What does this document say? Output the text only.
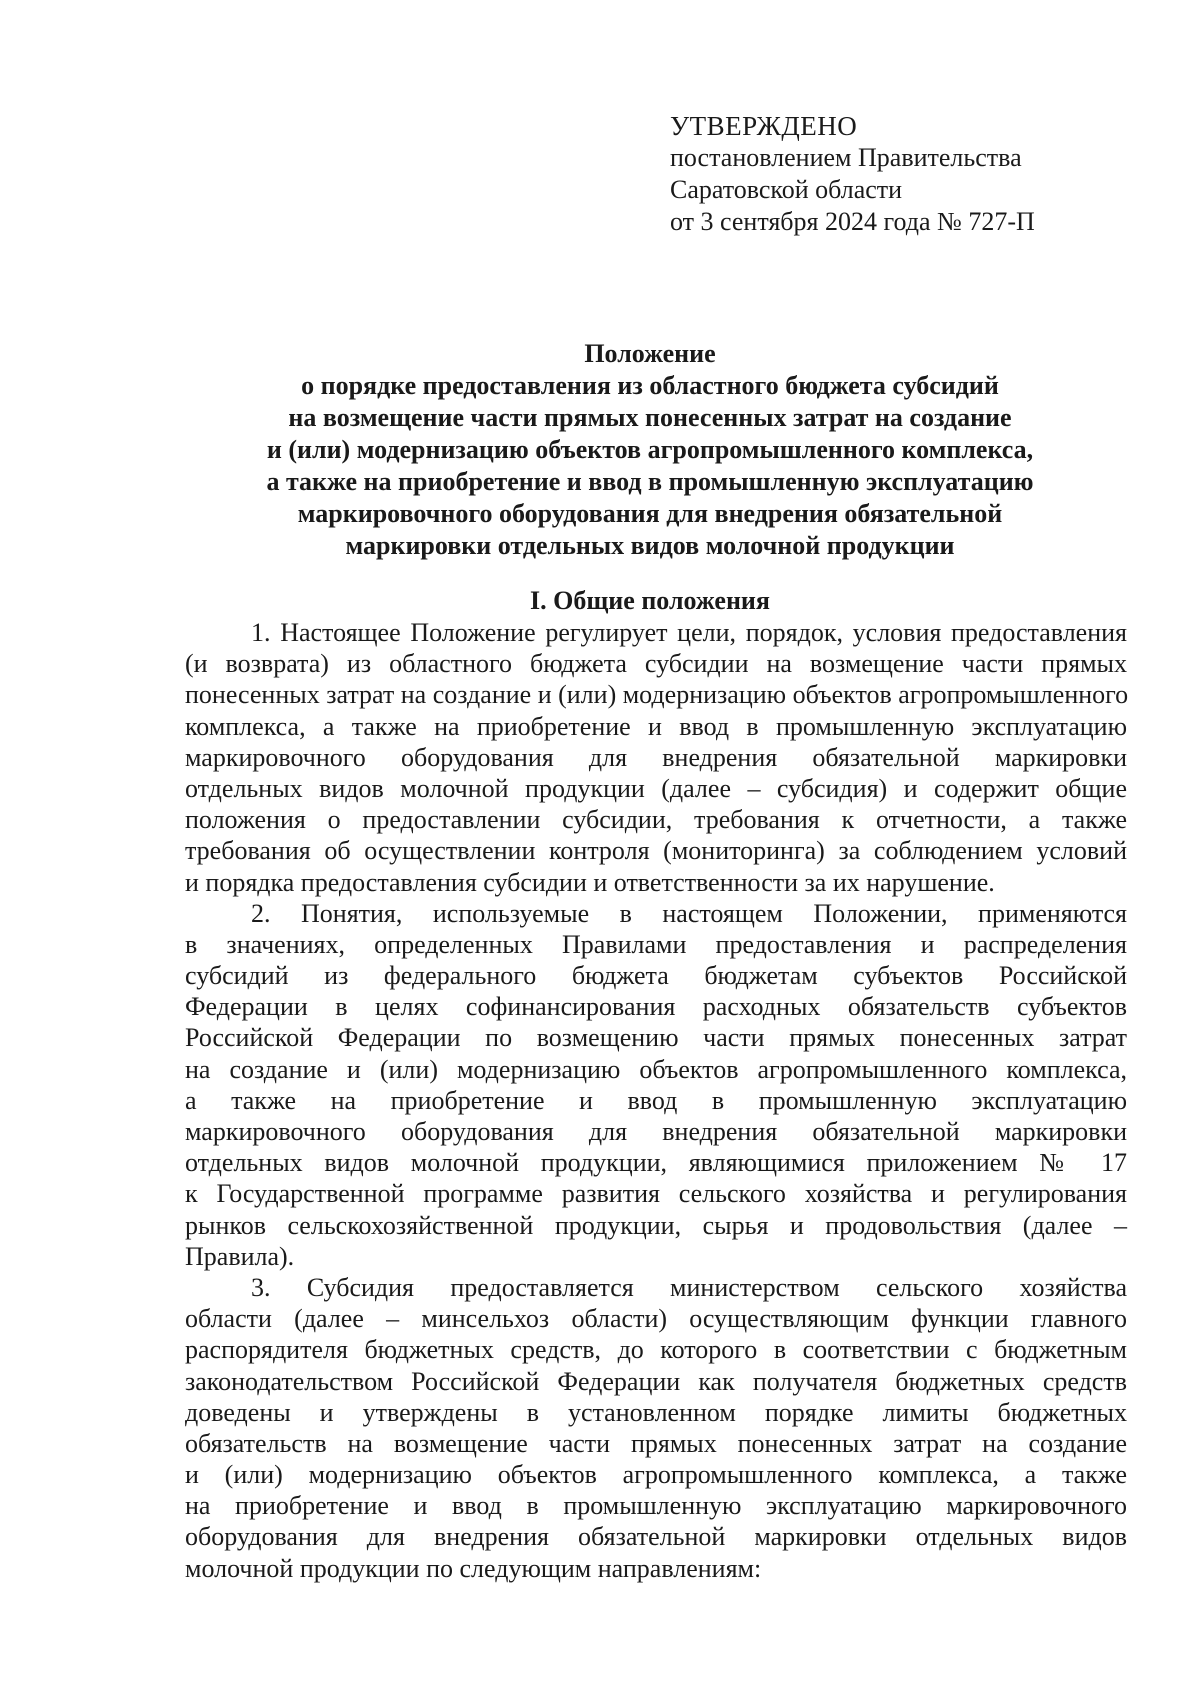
УТВЕРЖДЕНО
постановлением Правительства
Саратовской области
от 3 сентября 2024 года № 727-П
Положение
о порядке предоставления из областного бюджета субсидий
на возмещение части прямых понесенных затрат на создание
и (или) модернизацию объектов агропромышленного комплекса,
а также на приобретение и ввод в промышленную эксплуатацию
маркировочного оборудования для внедрения обязательной
маркировки отдельных видов молочной продукции
I. Общие положения
1. Настоящее Положение регулирует цели, порядок, условия предоставления
(и возврата) из областного бюджета субсидии на возмещение части прямых
понесенных затрат на создание и (или) модернизацию объектов агропромышленного
комплекса, а также на приобретение и ввод в промышленную эксплуатацию
маркировочного оборудования для внедрения обязательной маркировки
отдельных видов молочной продукции (далее – субсидия) и содержит общие
положения о предоставлении субсидии, требования к отчетности, а также
требования об осуществлении контроля (мониторинга) за соблюдением условий
и порядка предоставления субсидии и ответственности за их нарушение.
2. Понятия, используемые в настоящем Положении, применяются
в значениях, определенных Правилами предоставления и распределения
субсидий из федерального бюджета бюджетам субъектов Российской
Федерации в целях софинансирования расходных обязательств субъектов
Российской Федерации по возмещению части прямых понесенных затрат
на создание и (или) модернизацию объектов агропромышленного комплекса,
а также на приобретение и ввод в промышленную эксплуатацию
маркировочного оборудования для внедрения обязательной маркировки
отдельных видов молочной продукции, являющимися приложением № 17
к Государственной программе развития сельского хозяйства и регулирования
рынков сельскохозяйственной продукции, сырья и продовольствия (далее –
Правила).
3. Субсидия предоставляется министерством сельского хозяйства
области (далее – минсельхоз области) осуществляющим функции главного
распорядителя бюджетных средств, до которого в соответствии с бюджетным
законодательством Российской Федерации как получателя бюджетных средств
доведены и утверждены в установленном порядке лимиты бюджетных
обязательств на возмещение части прямых понесенных затрат на создание
и (или) модернизацию объектов агропромышленного комплекса, а также
на приобретение и ввод в промышленную эксплуатацию маркировочного
оборудования для внедрения обязательной маркировки отдельных видов
молочной продукции по следующим направлениям:
